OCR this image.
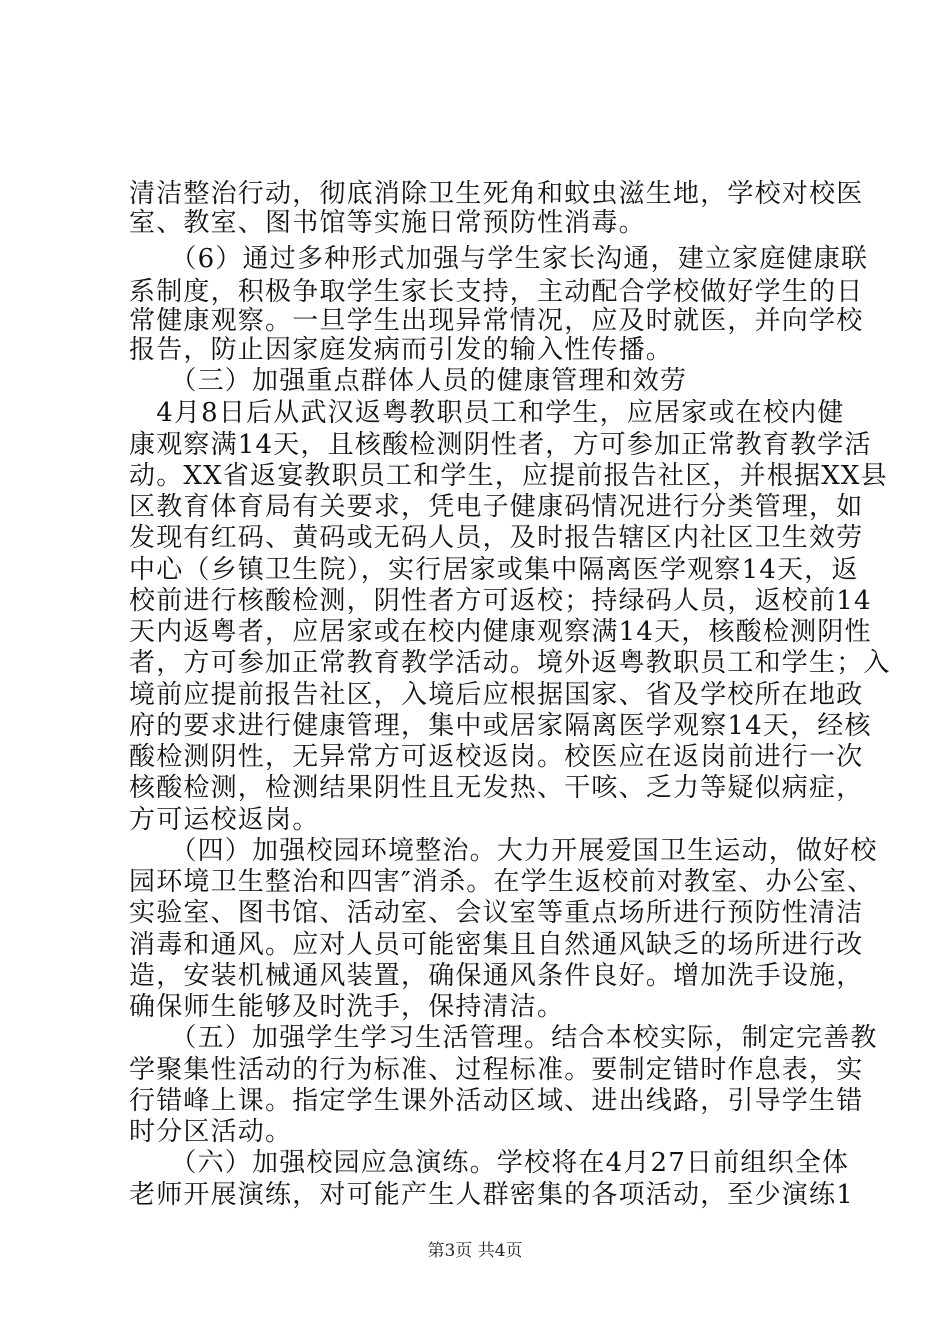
清洁整治行动，彻底消除卫生死角和蚊虫滋生地，学校对校医
室、教室、图书馆等实施日常预防性消毒。
　　（6）通过多种形式加强与学生家长沟通，建立家庭健康联
系制度，积极争取学生家长支持，主动配合学校做好学生的日
常健康观察。一旦学生出现异常情况，应及时就医，并向学校
报告，防止因家庭发病而引发的输入性传播。
　　（三）加强重点群体人员的健康管理和效劳
　4月8日后从武汉返粤教职员工和学生，应居家或在校内健
康观察满14天，且核酸检测阴性者，方可参加正常教育教学活
动。XX省返宴教职员工和学生，应提前报告社区，并根据XX县
区教育体育局有关要求，凭电子健康码情况进行分类管理，如
发现有红码、黄码或无码人员，及时报告辖区内社区卫生效劳
中心（乡镇卫生院），实行居家或集中隔离医学观察14天，返
校前进行核酸检测，阴性者方可返校；持绿码人员，返校前14
天内返粤者，应居家或在校内健康观察满14天，核酸检测阴性
者，方可参加正常教育教学活动。境外返粤教职员工和学生；入
境前应提前报告社区，入境后应根据国家、省及学校所在地政
府的要求进行健康管理，集中或居家隔离医学观察14天，经核
酸检测阴性，无异常方可返校返岗。校医应在返岗前进行一次
核酸检测，检测结果阴性且无发热、干咳、乏力等疑似病症，
方可运校返岗。
　　（四）加强校园环境整治。大力开展爱国卫生运动，做好校
园环境卫生整治和四害″消杀。在学生返校前对教室、办公室、
实验室、图书馆、活动室、会议室等重点场所进行预防性清洁
消毒和通风。应对人员可能密集且自然通风缺乏的场所进行改
造，安装机械通风装置，确保通风条件良好。增加洗手设施，
确保师生能够及时洗手，保持清洁。
　　（五）加强学生学习生活管理。结合本校实际，制定完善教
学聚集性活动的行为标准、过程标准。要制定错时作息表，实
行错峰上课。指定学生课外活动区域、进出线路，引导学生错
时分区活动。
　　（六）加强校园应急演练。学校将在4月27日前组织全体
老师开展演练，对可能产生人群密集的各项活动，至少演练1
第3页 共4页
